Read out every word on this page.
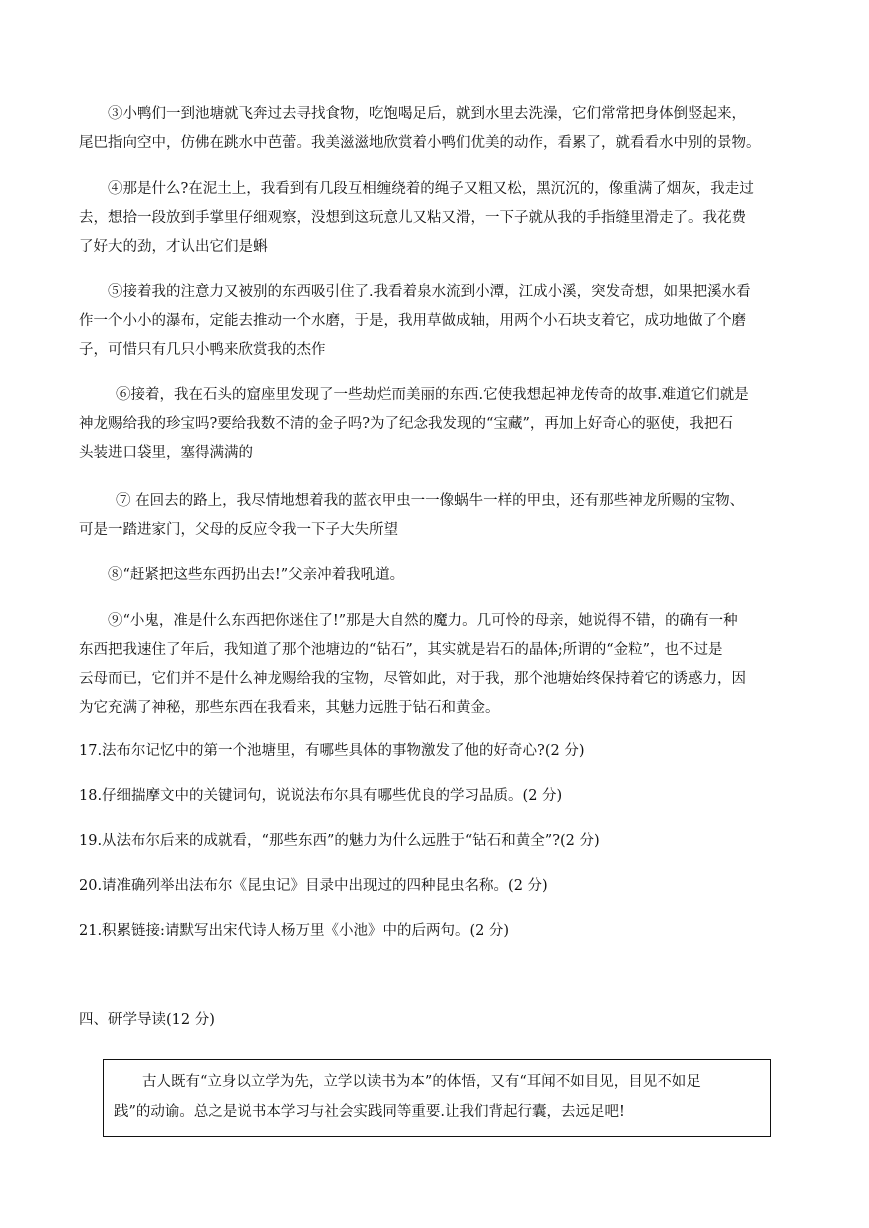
③小鸭们一到池塘就飞奔过去寻找食物，吃饱喝足后，就到水里去洗澡，它们常常把身体倒竖起来，
尾巴指向空中，仿佛在跳水中芭蕾。我美滋滋地欣赏着小鸭们优美的动作，看累了，就看看水中别的景物。
④那是什么?在泥土上，我看到有几段互相缠绕着的绳子又粗又松，黑沉沉的，像重满了烟灰，我走过
去，想拾一段放到手掌里仔细观察，没想到这玩意儿又粘又滑，一下子就从我的手指缝里滑走了。我花费
了好大的劲，才认出它们是蝌
⑤接着我的注意力又被别的东西吸引住了.我看着泉水流到小潭，江成小溪，突发奇想，如果把溪水看
作一个小小的瀑布，定能去推动一个水磨，于是，我用草做成轴，用两个小石块支着它，成功地做了个磨
子，可惜只有几只小鸭来欣赏我的杰作
⑥接着，我在石头的窟座里发现了一些劫烂而美丽的东西.它使我想起神龙传奇的故事.难道它们就是
神龙赐给我的珍宝吗?要给我数不清的金子吗?为了纪念我发现的“宝藏”，再加上好奇心的驱使，我把石
头装进口袋里，塞得满满的
⑦ 在回去的路上，我尽情地想着我的蓝衣甲虫一一像蜗牛一样的甲虫，还有那些神龙所赐的宝物、
可是一踏进家门，父母的反应令我一下子大失所望
⑧“赶紧把这些东西扔出去!”父亲冲着我吼道。
⑨“小鬼，准是什么东西把你迷住了!”那是大自然的魔力。几可怜的母亲，她说得不错，的确有一种
东西把我速住了年后，我知道了那个池塘边的“钻石”，其实就是岩石的晶体;所谓的“金粒”，也不过是
云母而已，它们并不是什么神龙赐给我的宝物，尽管如此，对于我，那个池塘始终保持着它的诱惑力，因
为它充满了神秘，那些东西在我看来，其魅力远胜于钻石和黄金。

17.法布尔记忆中的第一个池塘里，有哪些具体的事物激发了他的好奇心?(2 分)

18.仔细揣摩文中的关键词句，说说法布尔具有哪些优良的学习品质。(2 分)

19.从法布尔后来的成就看，“那些东西”的魅力为什么远胜于“钻石和黄全”?(2 分)

20.请准确列举出法布尔《昆虫记》目录中出现过的四种昆虫名称。(2 分)

21.积累链接:请默写出宋代诗人杨万里《小池》中的后两句。(2 分)

四、研学导读(12 分)

古人既有“立身以立学为先，立学以读书为本”的体悟，又有“耳闻不如目见，目见不如足
践”的动谕。总之是说书本学习与社会实践同等重要.让我们背起行囊，去远足吧!
